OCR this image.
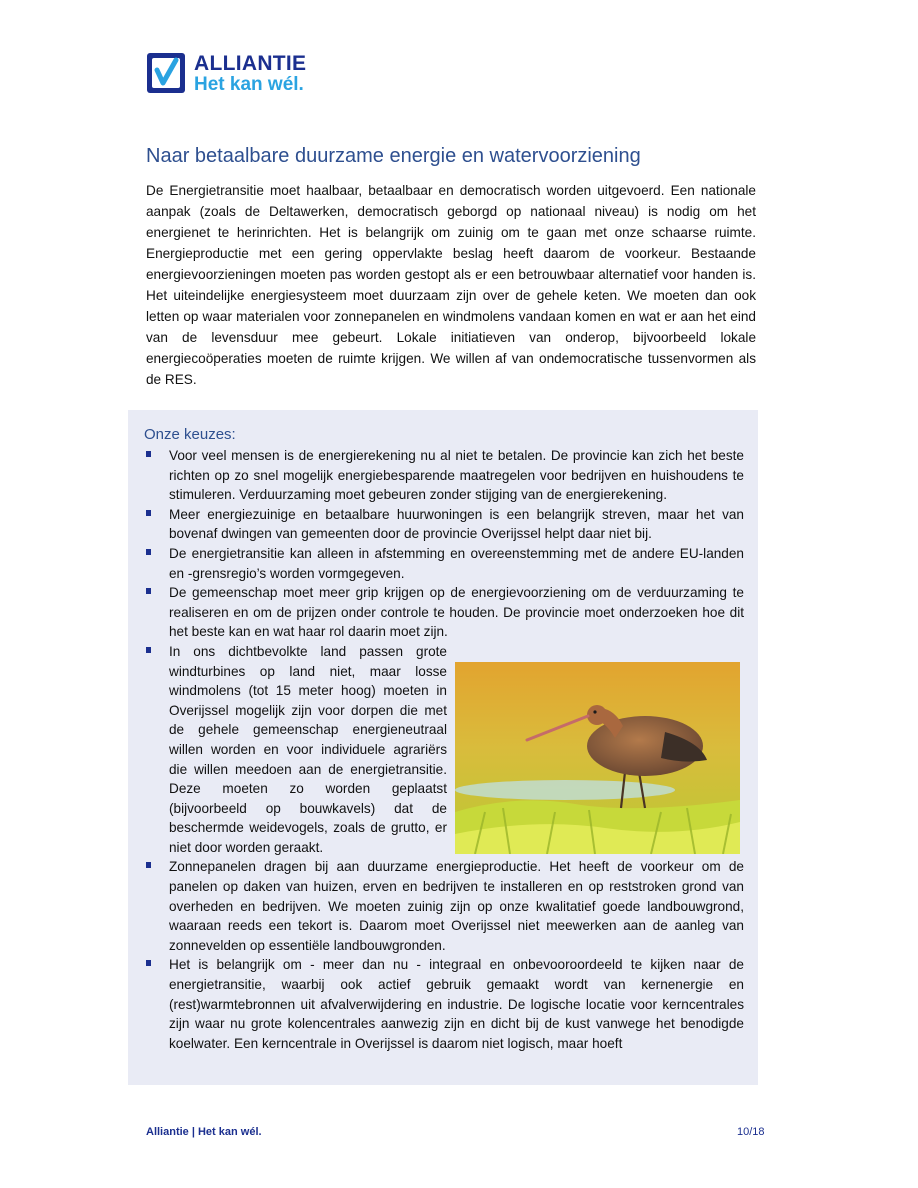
ALLIANTIE
Het kan wél.
Naar betaalbare duurzame energie en watervoorziening

De Energietransitie moet haalbaar, betaalbaar en democratisch worden uitgevoerd. Een nationale aanpak (zoals de Deltawerken, democratisch geborgd op nationaal niveau) is nodig om het energienet te herinrichten. Het is belangrijk om zuinig om te gaan met onze schaarse ruimte. Energieproductie met een gering oppervlakte beslag heeft daarom de voorkeur. Bestaande energievoorzieningen moeten pas worden gestopt als er een betrouwbaar alternatief voor handen is. Het uiteindelijke energiesysteem moet duurzaam zijn over de gehele keten. We moeten dan ook letten op waar materialen voor zonnepanelen en windmolens vandaan komen en wat er aan het eind van de levensduur mee gebeurt. Lokale initiatieven van onderop, bijvoorbeeld lokale energiecoöperaties moeten de ruimte krijgen. We willen af van ondemocratische tussenvormen als de RES.

Onze keuzes:
Voor veel mensen is de energierekening nu al niet te betalen. De provincie kan zich het beste richten op zo snel mogelijk energiebesparende maatregelen voor bedrijven en huishoudens te stimuleren. Verduurzaming moet gebeuren zonder stijging van de energierekening.
Meer energiezuinige en betaalbare huurwoningen is een belangrijk streven, maar het van bovenaf dwingen van gemeenten door de provincie Overijssel helpt daar niet bij.
De energietransitie kan alleen in afstemming en overeenstemming met de andere EU-landen en -grensregio’s worden vormgegeven.
De gemeenschap moet meer grip krijgen op de energievoorziening om de verduurzaming te realiseren en om de prijzen onder controle te houden. De provincie moet onderzoeken hoe dit het beste kan en wat haar rol daarin moet zijn.
In ons dichtbevolkte land passen grote windturbines op land niet, maar losse windmolens (tot 15 meter hoog) moeten in Overijssel mogelijk zijn voor dorpen die met de gehele gemeenschap energieneutraal willen worden en voor individuele agrariërs die willen meedoen aan de energietransitie. Deze moeten zo worden geplaatst (bijvoorbeeld op bouwkavels) dat de beschermde weidevogels, zoals de grutto, er niet door worden geraakt.
Zonnepanelen dragen bij aan duurzame energieproductie. Het heeft de voorkeur om de panelen op daken van huizen, erven en bedrijven te installeren en op reststroken grond van overheden en bedrijven. We moeten zuinig zijn op onze kwalitatief goede landbouwgrond, waaraan reeds een tekort is. Daarom moet Overijssel niet meewerken aan de aanleg van zonnevelden op essentiële landbouwgronden.
Het is belangrijk om - meer dan nu - integraal en onbevooroordeeld te kijken naar de energietransitie, waarbij ook actief gebruik gemaakt wordt van kernenergie en (rest)warmtebronnen uit afvalverwijdering en industrie. De logische locatie voor kerncentrales zijn waar nu grote kolencentrales aanwezig zijn en dicht bij de kust vanwege het benodigde koelwater. Een kerncentrale in Overijssel is daarom niet logisch, maar hoeft
Alliantie | Het kan wél.	10/18
